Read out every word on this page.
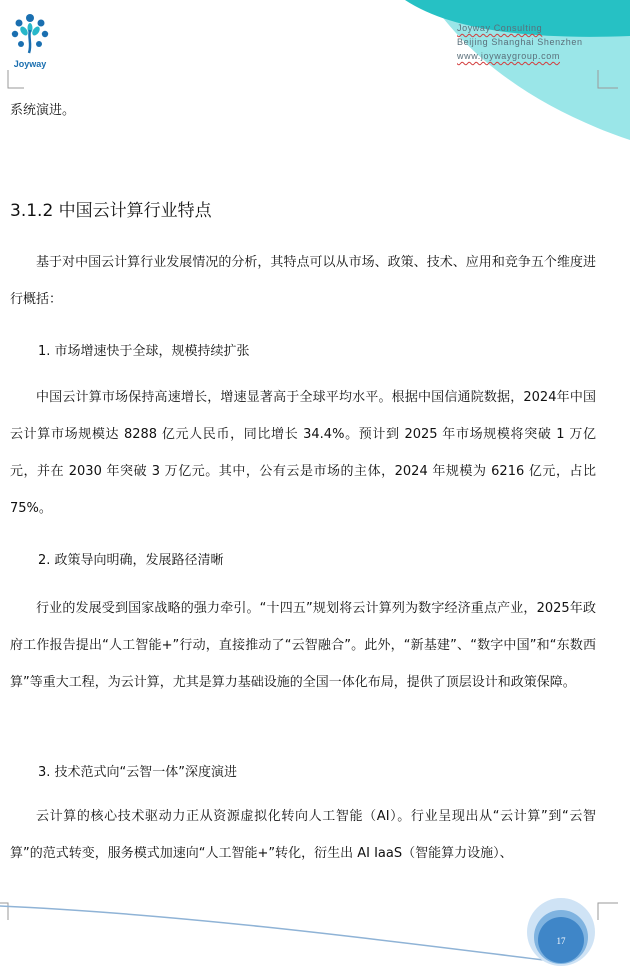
Joyway
Joyway Consulting
Beijing Shanghai Shenzhen
www.joywaygroup.com
系统演进。
3.1.2 中国云计算行业特点
基于对中国云计算行业发展情况的分析，其特点可以从市场、政策、技术、应用和竞争五个维度进行概括：
1. 市场增速快于全球，规模持续扩张
中国云计算市场保持高速增长，增速显著高于全球平均水平。根据中国信通院数据，2024年中国云计算市场规模达 8288 亿元人民币，同比增长 34.4%。预计到 2025 年市场规模将突破 1 万亿元，并在 2030 年突破 3 万亿元。其中，公有云是市场的主体，2024 年规模为 6216 亿元，占比 75%。
2. 政策导向明确，发展路径清晰
行业的发展受到国家战略的强力牵引。“十四五”规划将云计算列为数字经济重点产业，2025年政府工作报告提出“人工智能+”行动，直接推动了“云智融合”。此外，“新基建”、“数字中国”和“东数西算”等重大工程，为云计算，尤其是算力基础设施的全国一体化布局，提供了顶层设计和政策保障。
3. 技术范式向“云智一体”深度演进
云计算的核心技术驱动力正从资源虚拟化转向人工智能（AI）。行业呈现出从“云计算”到“云智算”的范式转变，服务模式加速向“人工智能+”转化，衍生出 AI IaaS（智能算力设施）、
17
